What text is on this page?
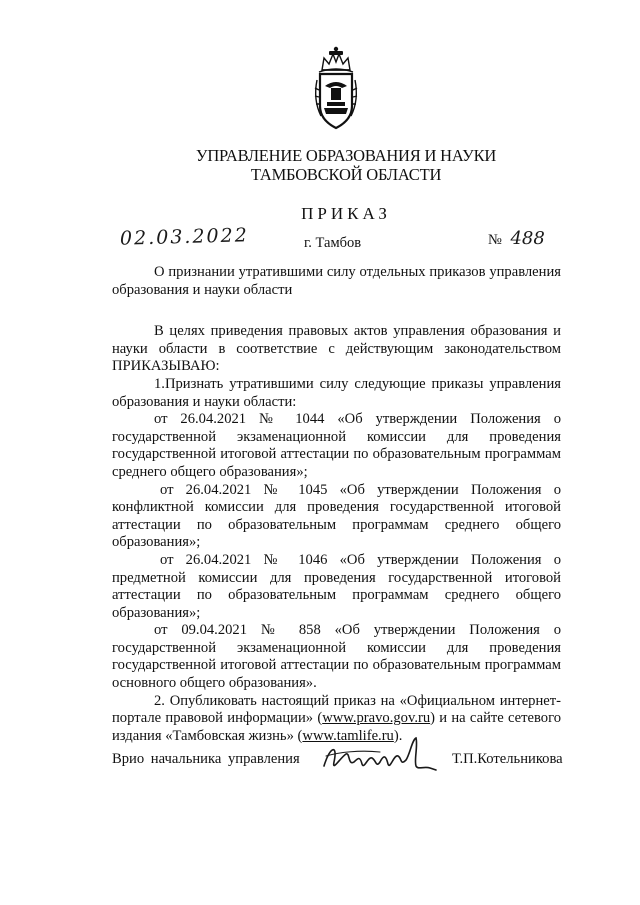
УПРАВЛЕНИЕ ОБРАЗОВАНИЯ И НАУКИ
ТАМБОВСКОЙ ОБЛАСТИ
ПРИКАЗ
02.03.2022	г. Тамбов	№ 488

О признании утратившими силу отдельных приказов управления образования и науки области

В целях приведения правовых актов управления образования и науки области в соответствие с действующим законодательством ПРИКАЗЫВАЮ:

1.Признать утратившими силу следующие приказы управления образования и науки области:

от 26.04.2021 № 1044 «Об утверждении Положения о государственной экзаменационной комиссии для проведения государственной итоговой аттестации по образовательным программам среднего общего образования»;

от 26.04.2021 № 1045 «Об утверждении Положения о конфликтной комиссии для проведения государственной итоговой аттестации по образовательным программам среднего общего образования»;

от 26.04.2021 № 1046 «Об утверждении Положения о предметной комиссии для проведения государственной итоговой аттестации по образовательным программам среднего общего образования»;

от 09.04.2021 № 858 «Об утверждении Положения о государственной экзаменационной комиссии для проведения государственной итоговой аттестации по образовательным программам основного общего образования».

2. Опубликовать настоящий приказ на «Официальном интернет-портале правовой информации» (www.pravo.gov.ru) и на сайте сетевого издания «Тамбовская жизнь» (www.tamlife.ru).

Врио начальника управления	Т.П.Котельникова
